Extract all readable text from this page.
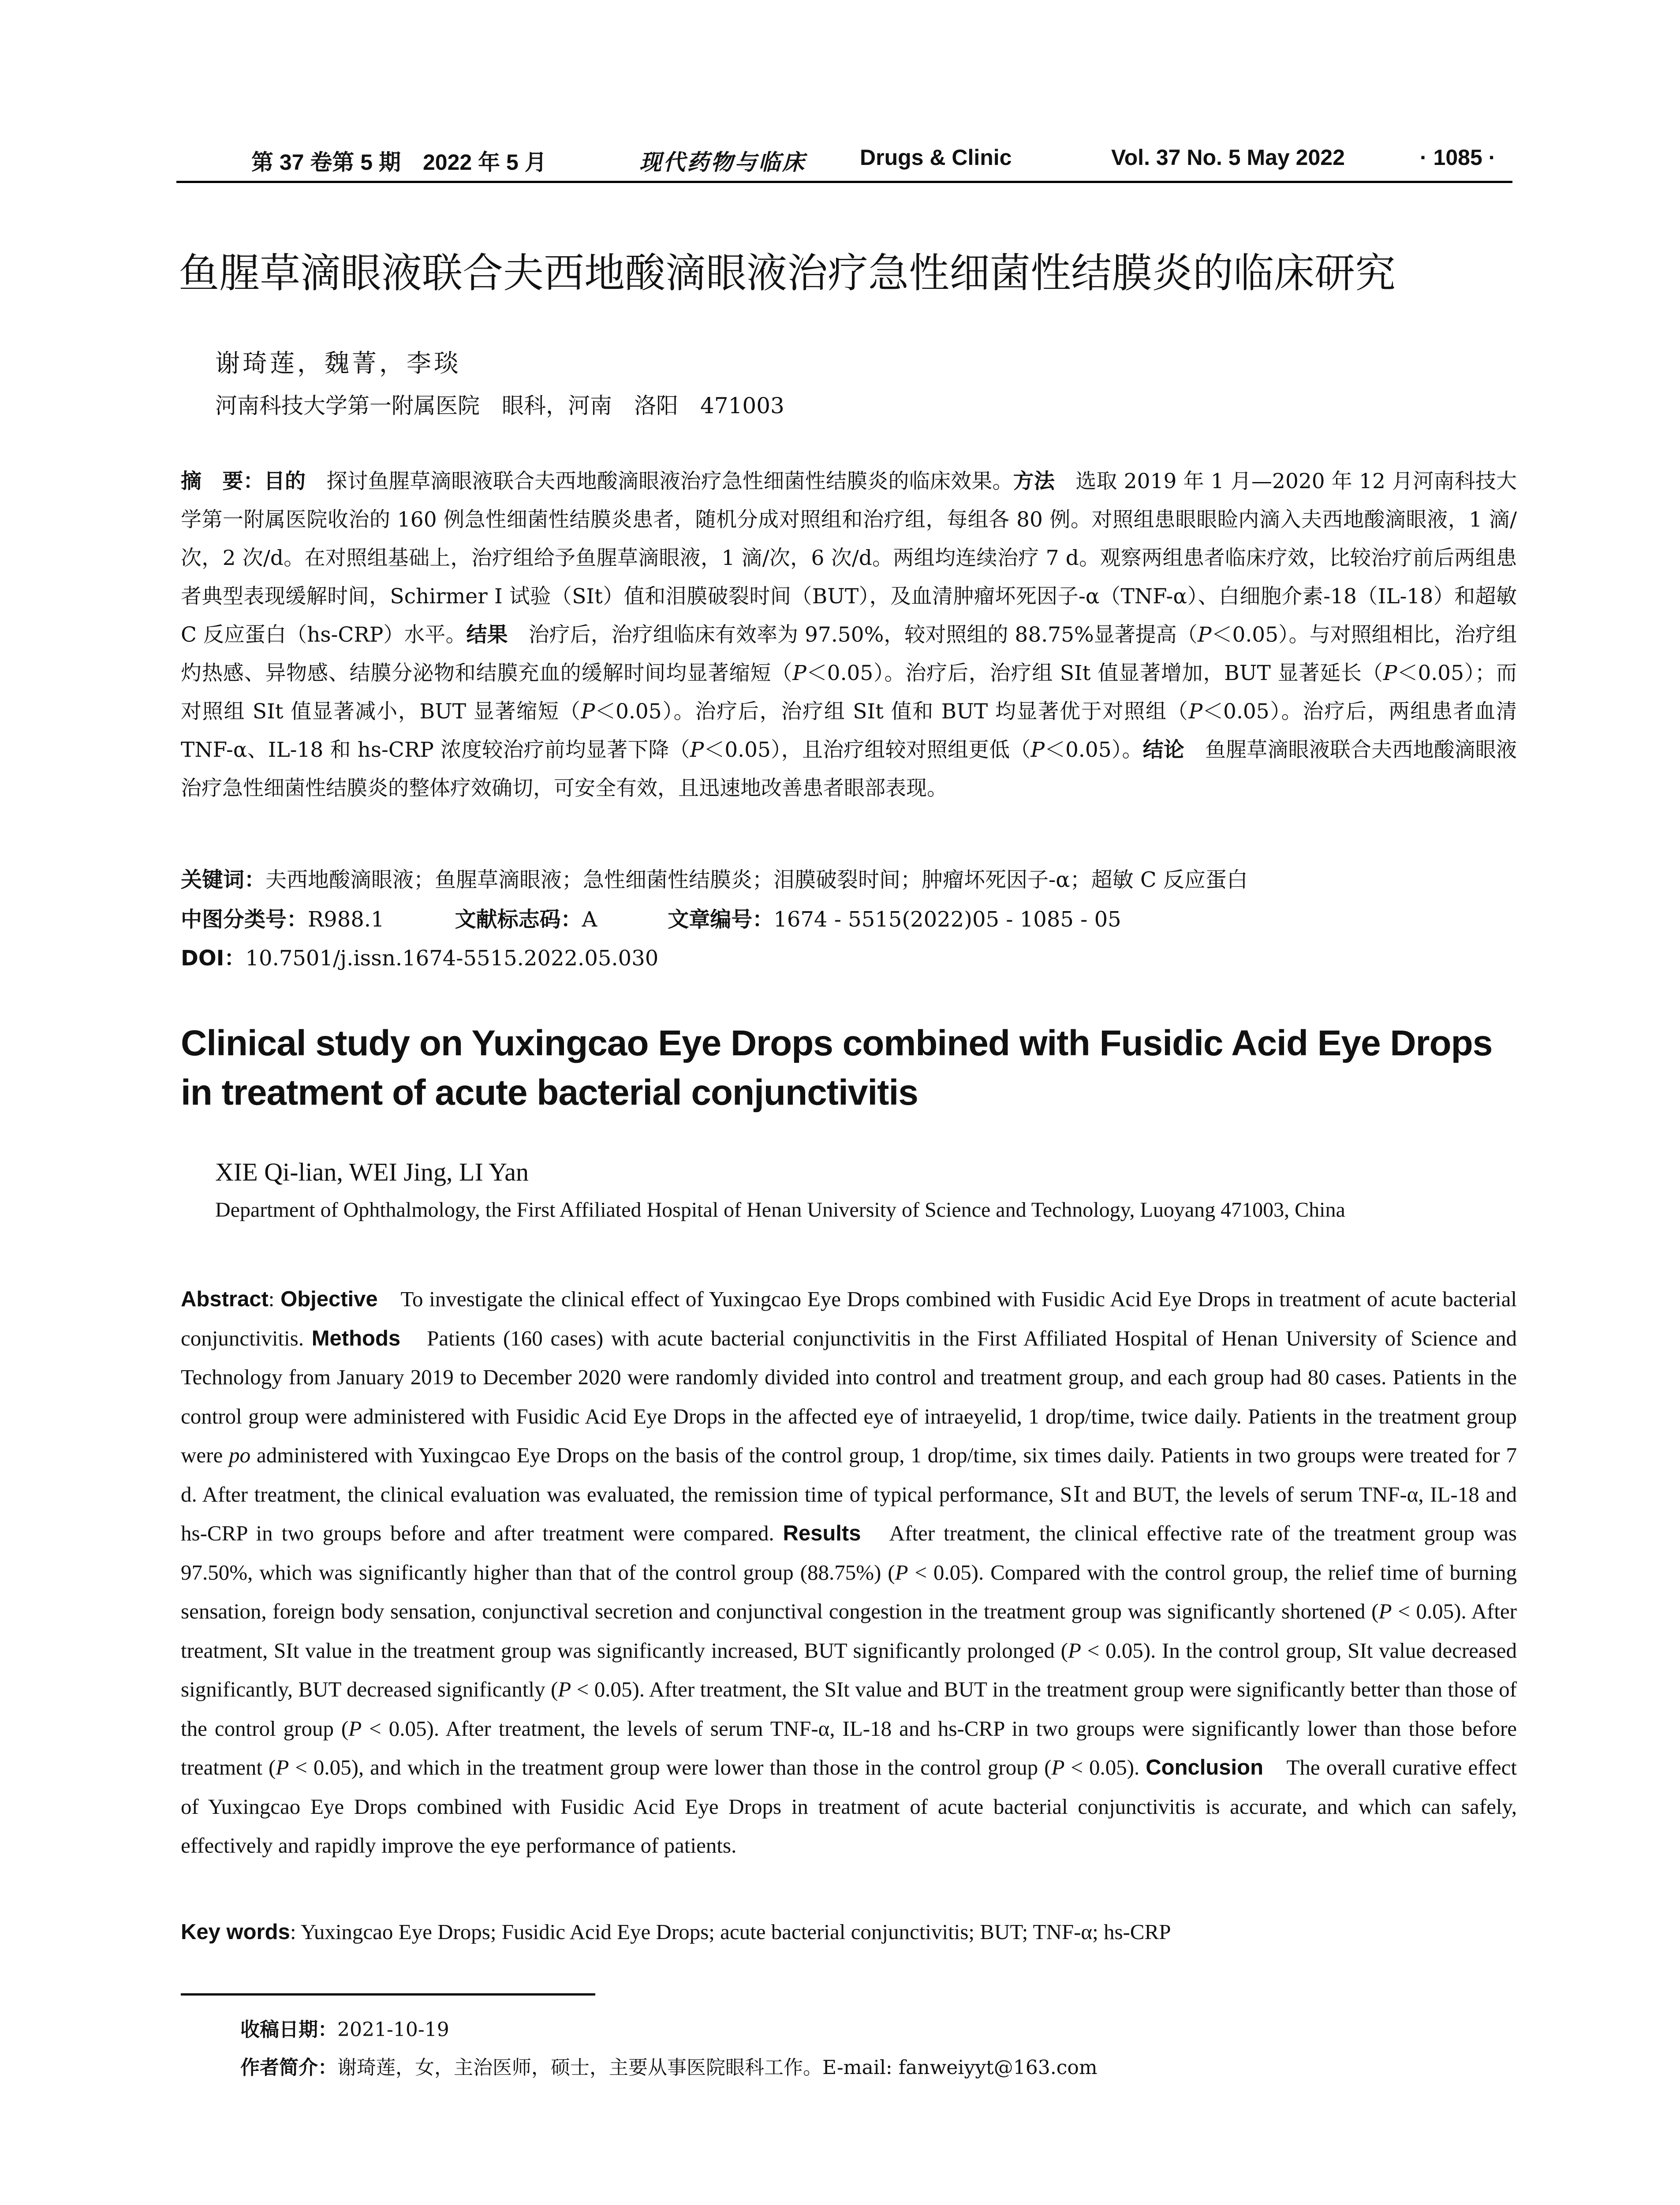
第 37 卷第 5 期　2022 年 5 月	现代药物与临床 Drugs & Clinic	Vol. 37 No. 5 May 2022	· 1085 ·
鱼腥草滴眼液联合夫西地酸滴眼液治疗急性细菌性结膜炎的临床研究
谢琦莲，魏菁，李琰
河南科技大学第一附属医院　眼科，河南　洛阳　471003
摘　要：目的　探讨鱼腥草滴眼液联合夫西地酸滴眼液治疗急性细菌性结膜炎的临床效果。方法　选取 2019 年 1 月—2020 年 12 月河南科技大学第一附属医院收治的 160 例急性细菌性结膜炎患者，随机分成对照组和治疗组，每组各 80 例。对照组患眼眼睑内滴入夫西地酸滴眼液，1 滴/次，2 次/d。在对照组基础上，治疗组给予鱼腥草滴眼液，1 滴/次，6 次/d。两组均连续治疗 7 d。观察两组患者临床疗效，比较治疗前后两组患者典型表现缓解时间，Schirmer I 试验（SIt）值和泪膜破裂时间（BUT），及血清肿瘤坏死因子-α（TNF-α）、白细胞介素-18（IL-18）和超敏 C 反应蛋白（hs-CRP）水平。结果　治疗后，治疗组临床有效率为 97.50%，较对照组的 88.75%显著提高（P＜0.05）。与对照组相比，治疗组灼热感、异物感、结膜分泌物和结膜充血的缓解时间均显著缩短（P＜0.05）。治疗后，治疗组 SIt 值显著增加，BUT 显著延长（P＜0.05）；而对照组 SIt 值显著减小，BUT 显著缩短（P＜0.05）。治疗后，治疗组 SIt 值和 BUT 均显著优于对照组（P＜0.05）。治疗后，两组患者血清 TNF-α、IL-18 和 hs-CRP 浓度较治疗前均显著下降（P＜0.05），且治疗组较对照组更低（P＜0.05）。结论　鱼腥草滴眼液联合夫西地酸滴眼液治疗急性细菌性结膜炎的整体疗效确切，可安全有效，且迅速地改善患者眼部表现。
关键词：夫西地酸滴眼液；鱼腥草滴眼液；急性细菌性结膜炎；泪膜破裂时间；肿瘤坏死因子-α；超敏 C 反应蛋白
中图分类号：R988.1	文献标志码：A	文章编号：1674 - 5515(2022)05 - 1085 - 05
DOI：10.7501/j.issn.1674-5515.2022.05.030
Clinical study on Yuxingcao Eye Drops combined with Fusidic Acid Eye Drops
in treatment of acute bacterial conjunctivitis
XIE Qi-lian, WEI Jing, LI Yan
Department of Ophthalmology, the First Affiliated Hospital of Henan University of Science and Technology, Luoyang 471003, China
Abstract: Objective　To investigate the clinical effect of Yuxingcao Eye Drops combined with Fusidic Acid Eye Drops in treatment of acute bacterial conjunctivitis. Methods　Patients (160 cases) with acute bacterial conjunctivitis in the First Affiliated Hospital of Henan University of Science and Technology from January 2019 to December 2020 were randomly divided into control and treatment group, and each group had 80 cases. Patients in the control group were administered with Fusidic Acid Eye Drops in the affected eye of intraeyelid, 1 drop/time, twice daily. Patients in the treatment group were po administered with Yuxingcao Eye Drops on the basis of the control group, 1 drop/time, six times daily. Patients in two groups were treated for 7 d. After treatment, the clinical evaluation was evaluated, the remission time of typical performance, SⅠt and BUT, the levels of serum TNF-α, IL-18 and hs-CRP in two groups before and after treatment were compared. Results　After treatment, the clinical effective rate of the treatment group was 97.50%, which was significantly higher than that of the control group (88.75%) (P < 0.05). Compared with the control group, the relief time of burning sensation, foreign body sensation, conjunctival secretion and conjunctival congestion in the treatment group was significantly shortened (P < 0.05). After treatment, SIt value in the treatment group was significantly increased, BUT significantly prolonged (P < 0.05). In the control group, SIt value decreased significantly, BUT decreased significantly (P < 0.05). After treatment, the SIt value and BUT in the treatment group were significantly better than those of the control group (P < 0.05). After treatment, the levels of serum TNF-α, IL-18 and hs-CRP in two groups were significantly lower than those before treatment (P < 0.05), and which in the treatment group were lower than those in the control group (P < 0.05). Conclusion　The overall curative effect of Yuxingcao Eye Drops combined with Fusidic Acid Eye Drops in treatment of acute bacterial conjunctivitis is accurate, and which can safely, effectively and rapidly improve the eye performance of patients.
Key words: Yuxingcao Eye Drops; Fusidic Acid Eye Drops; acute bacterial conjunctivitis; BUT; TNF-α; hs-CRP
收稿日期：2021-10-19
作者简介：谢琦莲，女，主治医师，硕士，主要从事医院眼科工作。E-mail: fanweiyyt@163.com
